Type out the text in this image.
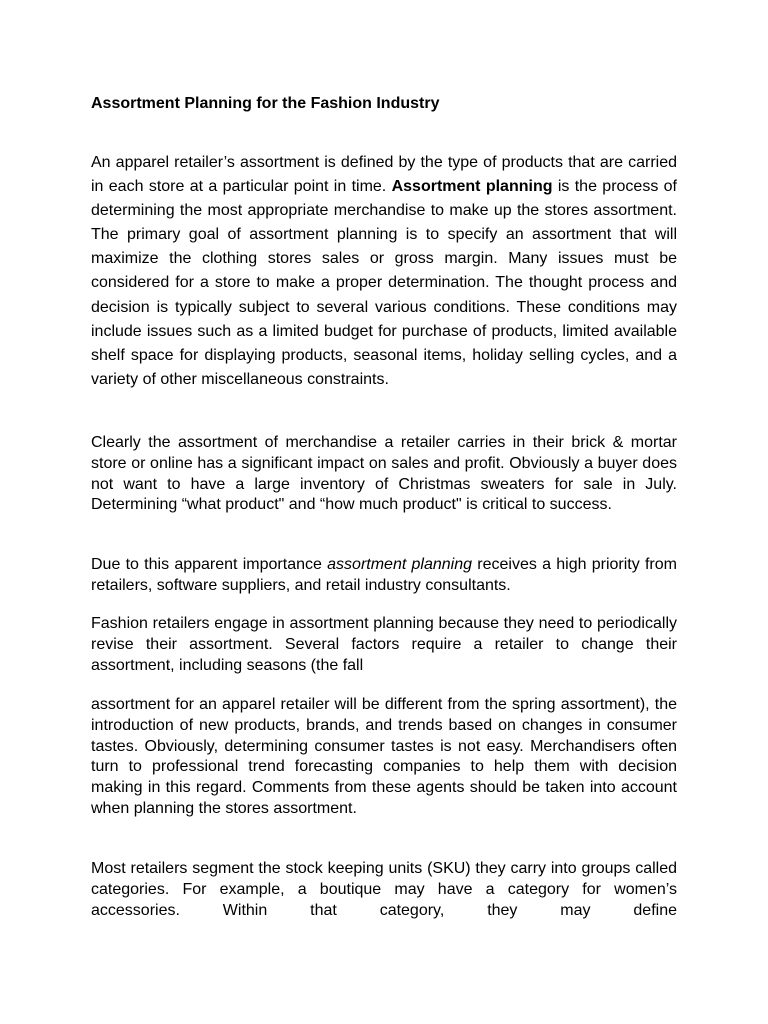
Assortment Planning for the Fashion Industry

An apparel retailer’s assortment is defined by the type of products that are carried in each store at a particular point in time. Assortment planning is the process of determining the most appropriate merchandise to make up the stores assortment. The primary goal of assortment planning is to specify an assortment that will maximize the clothing stores sales or gross margin. Many issues must be considered for a store to make a proper determination. The thought process and decision is typically subject to several various conditions. These conditions may include issues such as a limited budget for purchase of products, limited available shelf space for displaying products, seasonal items, holiday selling cycles, and a variety of other miscellaneous constraints.

Clearly the assortment of merchandise a retailer carries in their brick & mortar store or online has a significant impact on sales and profit. Obviously a buyer does not want to have a large inventory of Christmas sweaters for sale in July. Determining “what product" and “how much product" is critical to success.

Due to this apparent importance assortment planning receives a high priority from retailers, software suppliers, and retail industry consultants.

Fashion retailers engage in assortment planning because they need to periodically revise their assortment. Several factors require a retailer to change their assortment, including seasons (the fall

assortment for an apparel retailer will be different from the spring assortment), the introduction of new products, brands, and trends based on changes in consumer tastes. Obviously, determining consumer tastes is not easy. Merchandisers often turn to professional trend forecasting companies to help them with decision making in this regard. Comments from these agents should be taken into account when planning the stores assortment.

Most retailers segment the stock keeping units (SKU) they carry into groups called categories. For example, a boutique may have a category for women’s accessories. Within that category, they may define
